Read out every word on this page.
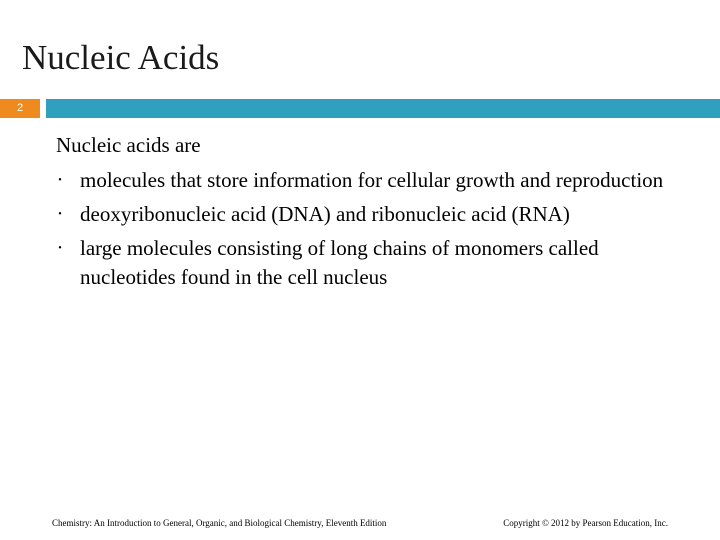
Nucleic Acids
2
Nucleic acids are
• molecules that store information for cellular growth and reproduction
• deoxyribonucleic acid (DNA) and ribonucleic acid (RNA)
• large molecules consisting of long chains of monomers called nucleotides found in the cell nucleus
Chemistry: An Introduction to General, Organic, and Biological Chemistry, Eleventh Edition	Copyright © 2012 by Pearson Education, Inc.
